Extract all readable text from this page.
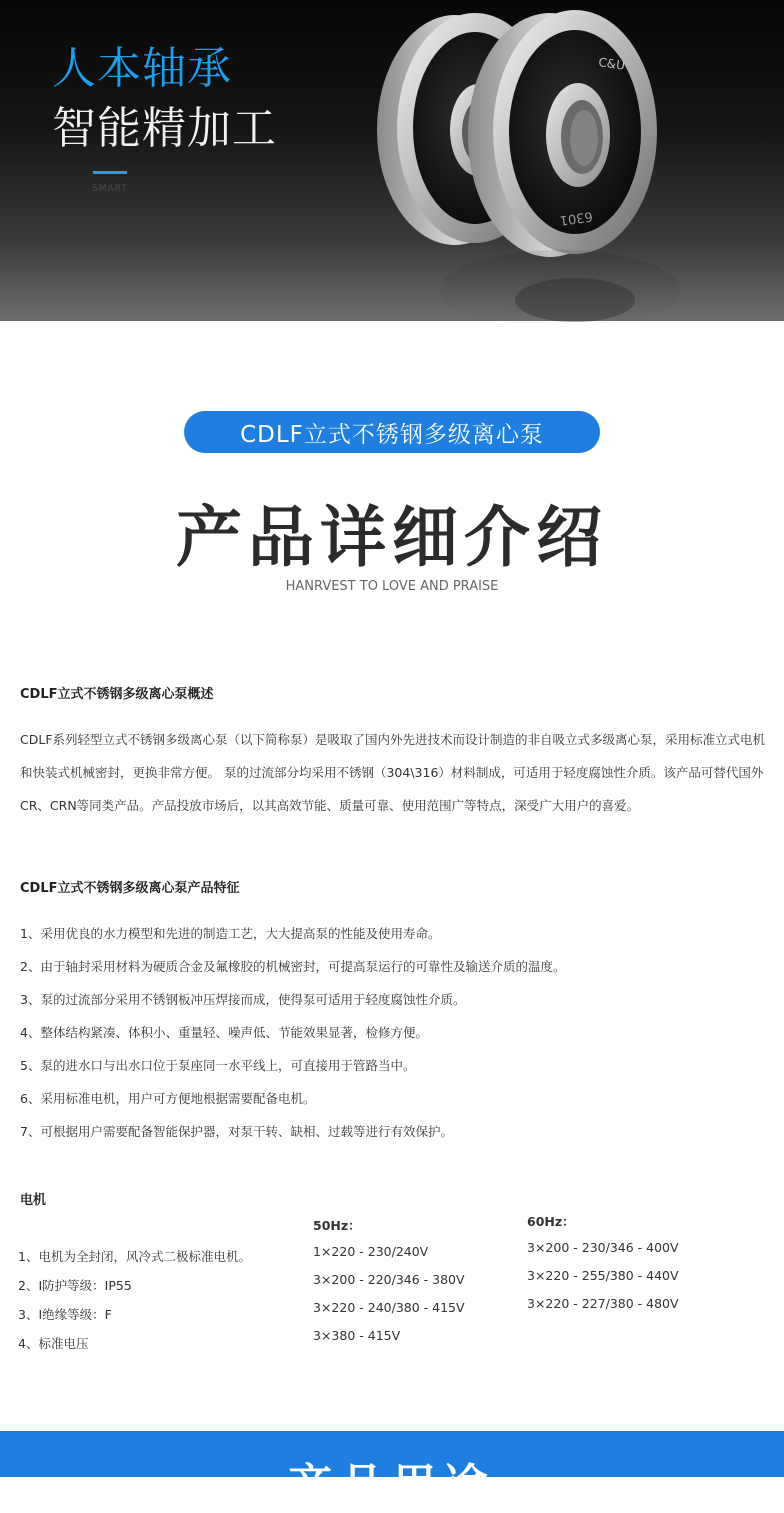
人本轴承
智能精加工
SMART
C&U
6301
CDLF立式不锈钢多级离心泵
产品详细介绍
HANRVEST TO LOVE AND PRAISE
CDLF立式不锈钢多级离心泵概述
CDLF系列轻型立式不锈钢多级离心泵（以下简称泵）是吸取了国内外先进技术而设计制造的非自吸立式多级离心泵，采用标准立式电机和快装式机械密封，更换非常方便。 泵的过流部分均采用不锈钢（304\316）材料制成，可适用于轻度腐蚀性介质。该产品可替代国外CR、CRN等同类产品。产品投放市场后，以其高效节能、质量可靠、使用范围广等特点，深受广大用户的喜爱。
CDLF立式不锈钢多级离心泵产品特征
1、采用优良的水力模型和先进的制造工艺，大大提高泵的性能及使用寿命。
2、由于轴封采用材料为硬质合金及氟橡胶的机械密封，可提高泵运行的可靠性及输送介质的温度。
3、泵的过流部分采用不锈钢板冲压焊接而成，使得泵可适用于轻度腐蚀性介质。
4、整体结构紧凑、体积小、重量轻、噪声低、节能效果显著，检修方便。
5、泵的进水口与出水口位于泵座同一水平线上，可直接用于管路当中。
6、采用标准电机，用户可方便地根据需要配备电机。
7、可根据用户需要配备智能保护器，对泵干转、缺相、过载等进行有效保护。
电机
1、电机为全封闭，风冷式二极标准电机。
2、I防护等级：IP55
3、I绝缘等级：F
4、标准电压
50Hz：
1×220 - 230/240V
3×200 - 220/346 - 380V
3×220 - 240/380 - 415V
3×380 - 415V
60Hz：
3×200 - 230/346 - 400V
3×220 - 255/380 - 440V
3×220 - 227/380 - 480V
产品用途
